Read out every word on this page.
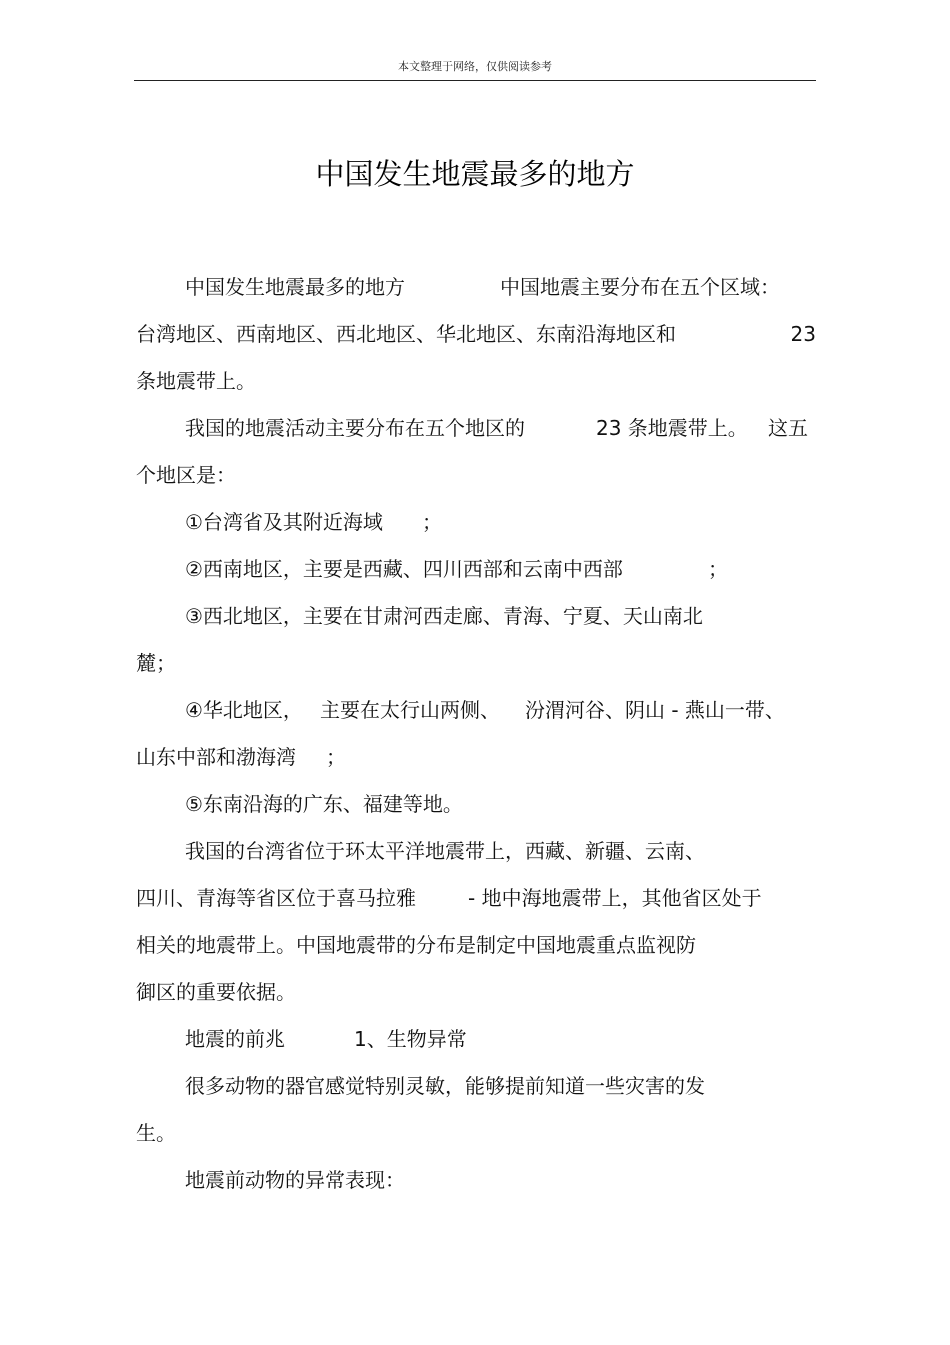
本文整理于网络，仅供阅读参考
中国发生地震最多的地方
中国发生地震最多的地方	中国地震主要分布在五个区域：
台湾地区、西南地区、西北地区、华北地区、东南沿海地区和	23
条地震带上。
我国的地震活动主要分布在五个地区的	23 条地震带上。 这五
个地区是：
①台湾省及其附近海域 ；
②西南地区，主要是西藏、四川西部和云南中西部	；
③西北地区，主要在甘肃河西走廊、青海、宁夏、天山南北
麓；
④华北地区， 主要在太行山两侧、 汾渭河谷、阴山 - 燕山一带、
山东中部和渤海湾 ；
⑤东南沿海的广东、福建等地。
我国的台湾省位于环太平洋地震带上，西藏、新疆、云南、
四川、青海等省区位于喜马拉雅	- 地中海地震带上，其他省区处于
相关的地震带上。中国地震带的分布是制定中国地震重点监视防
御区的重要依据。
地震的前兆	1、生物异常
很多动物的器官感觉特别灵敏，能够提前知道一些灾害的发
生。
地震前动物的异常表现：
